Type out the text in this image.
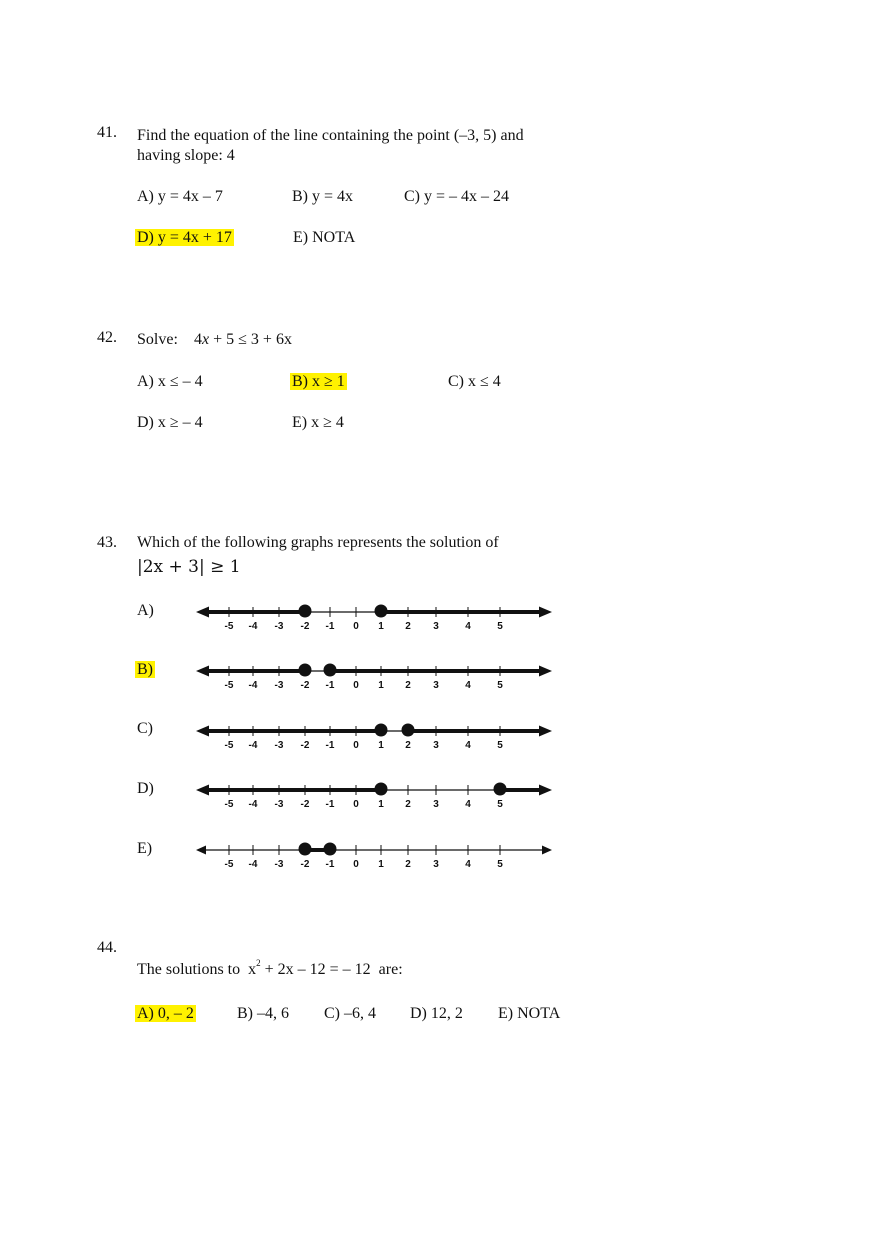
41. Find the equation of the line containing the point (–3, 5) and
having slope: 4
A) y = 4x – 7	B) y = 4x	C) y = – 4x – 24
D) y = 4x + 17	E) NOTA
42. Solve: 4x + 5 ≤ 3 + 6x
A) x ≤ – 4	B) x ≥ 1	C) x ≤ 4
D) x ≥ – 4	E) x ≥ 4
43. Which of the following graphs represents the solution of
|2x + 3| ≥ 1
A)
-5 -4 -3 -2 -1 0 1 2 3	4	5
B)
-5 -4 -3 -2 -1 0 1 2 3	4	5
C)
-5 -4 -3 -2 -1 0 1 2 3	4	5
D)
-5 -4 -3 -2 -1 0 1 2 3	4	5
E)
-5 -4 -3 -2 -1 0 1 2 3	4	5
44.
The solutions to $x^2 + 2x - 12$ = – 12 are:
A) 0, – 2	B) –4, 6 C) –6, 4 D) 12, 2 E) NOTA
